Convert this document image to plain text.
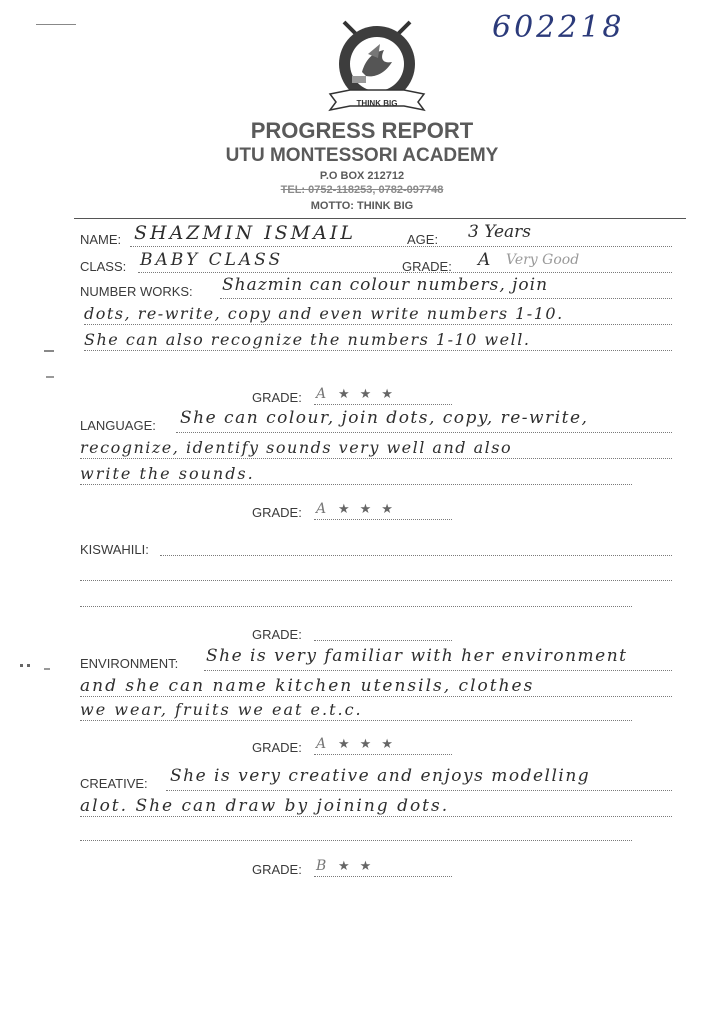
602218
THINK BIG
PROGRESS REPORT
UTU MONTESSORI ACADEMY
P.O BOX 212712
TEL: 0752-118253, 0782-097748
MOTTO: THINK BIG
NAME: SHAZMIN ISMAIL	AGE: 3 Years
CLASS: BABY CLASS	GRADE: A Very Good
NUMBER WORKS: Shazmin can colour numbers, join
dots, re-write, copy and even write numbers 1-10.
She can also recognize the numbers 1-10 well.
GRADE: A ★★★
LANGUAGE: She can colour, join dots, copy, re-write,
recognize, identify sounds very well and also
write the sounds.
GRADE: A ★★★
KISWAHILI:
GRADE:
ENVIRONMENT: She is very familiar with her environment
and she can name kitchen utensils, clothes
we wear, fruits we eat e.t.c.
GRADE: A ★★★
CREATIVE: She is very creative and enjoys modelling
alot. She can draw by joining dots.
GRADE: B ★★
